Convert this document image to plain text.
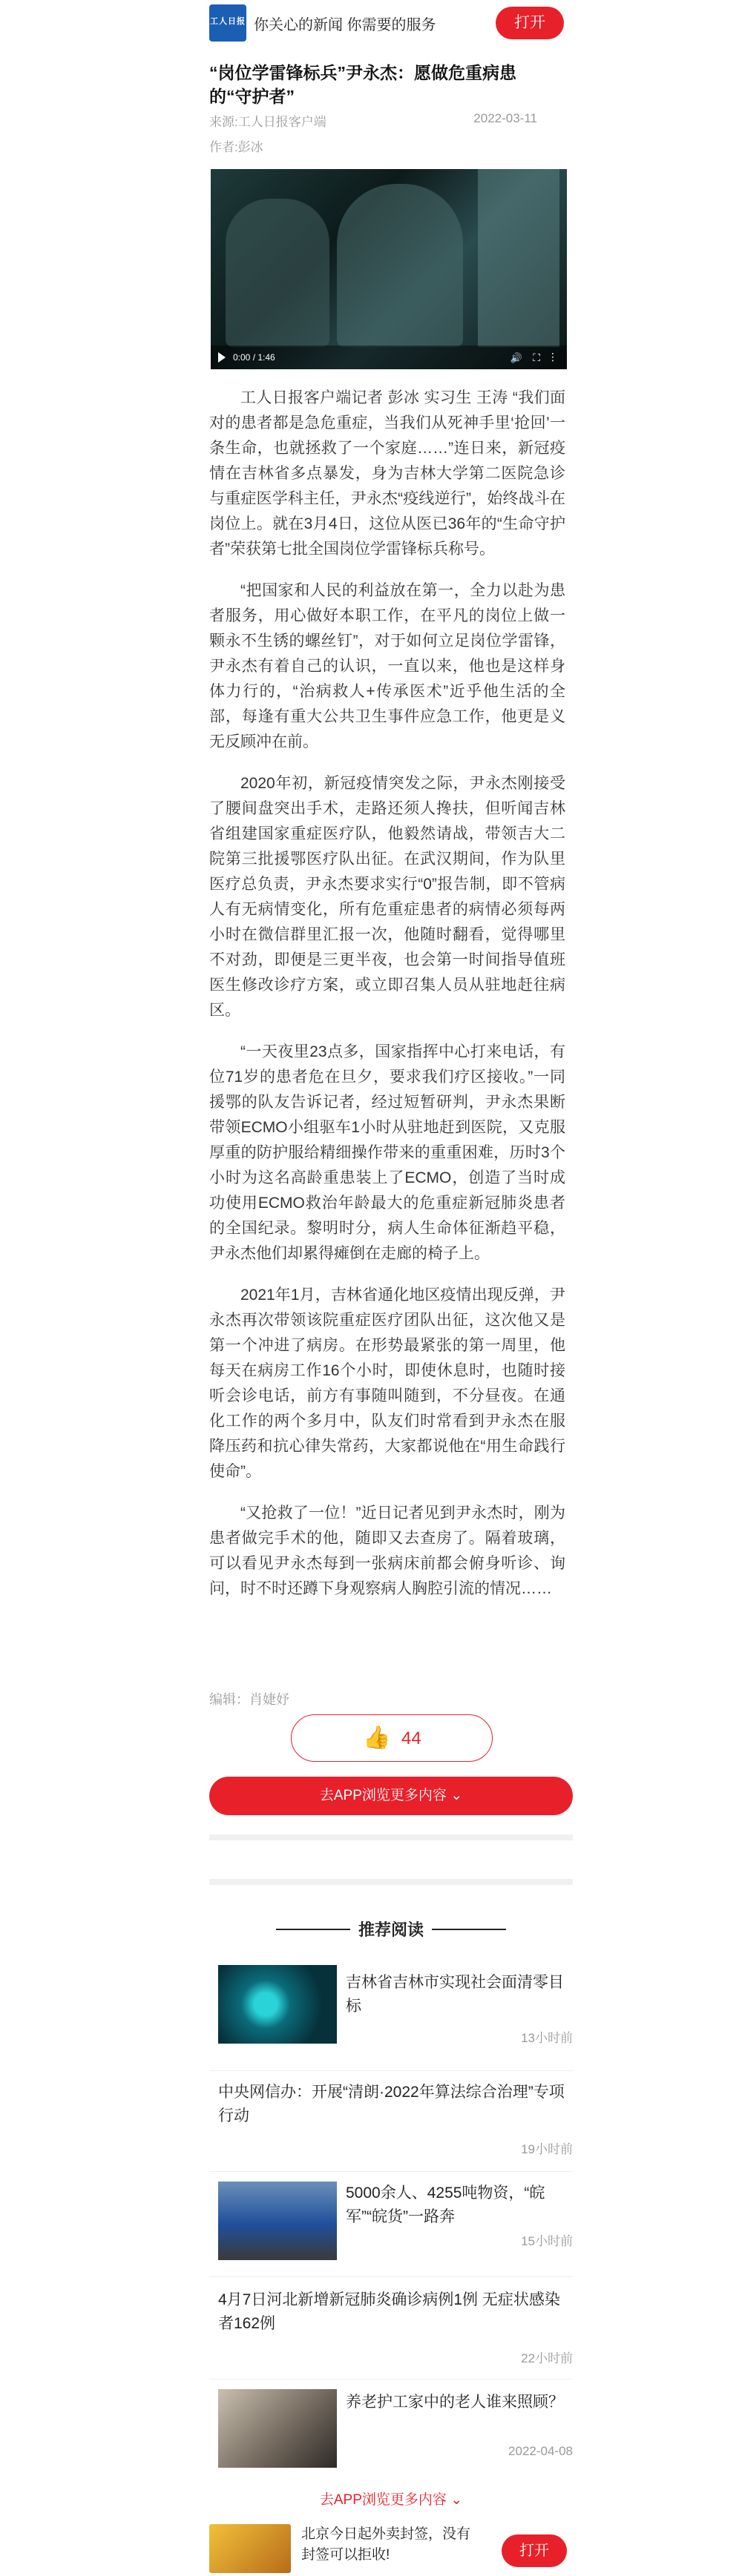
工人日报 你关心的新闻 你需要的服务	打开
“岗位学雷锋标兵”尹永杰：愿做危重病患的“守护者”
来源:工人日报客户端	2022-03-11
作者:彭冰
0:00 / 1:46	🔊 ⛶ ⋮

工人日报客户端记者 彭冰 实习生 王涛 “我们面对的患者都是急危重症，当我们从死神手里‘抢回’一条生命，也就拯救了一个家庭……”连日来，新冠疫情在吉林省多点暴发，身为吉林大学第二医院急诊与重症医学科主任，尹永杰“疫线逆行”，始终战斗在岗位上。就在3月4日，这位从医已36年的“生命守护者”荣获第七批全国岗位学雷锋标兵称号。

“把国家和人民的利益放在第一，全力以赴为患者服务，用心做好本职工作，在平凡的岗位上做一颗永不生锈的螺丝钉”，对于如何立足岗位学雷锋，尹永杰有着自己的认识，一直以来，他也是这样身体力行的，“治病救人+传承医术”近乎他生活的全部，每逢有重大公共卫生事件应急工作，他更是义无反顾冲在前。

2020年初，新冠疫情突发之际，尹永杰刚接受了腰间盘突出手术，走路还须人搀扶，但听闻吉林省组建国家重症医疗队，他毅然请战，带领吉大二院第三批援鄂医疗队出征。在武汉期间，作为队里医疗总负责，尹永杰要求实行“0”报告制，即不管病人有无病情变化，所有危重症患者的病情必须每两小时在微信群里汇报一次，他随时翻看，觉得哪里不对劲，即便是三更半夜，也会第一时间指导值班医生修改诊疗方案，或立即召集人员从驻地赶往病区。

“一天夜里23点多，国家指挥中心打来电话，有位71岁的患者危在旦夕，要求我们疗区接收。”一同援鄂的队友告诉记者，经过短暂研判，尹永杰果断带领ECMO小组驱车1小时从驻地赶到医院，又克服厚重的防护服给精细操作带来的重重困难，历时3个小时为这名高龄重患装上了ECMO，创造了当时成功使用ECMO救治年龄最大的危重症新冠肺炎患者的全国纪录。黎明时分，病人生命体征渐趋平稳，尹永杰他们却累得瘫倒在走廊的椅子上。

2021年1月，吉林省通化地区疫情出现反弹，尹永杰再次带领该院重症医疗团队出征，这次他又是第一个冲进了病房。在形势最紧张的第一周里，他每天在病房工作16个小时，即使休息时，也随时接听会诊电话，前方有事随叫随到，不分昼夜。在通化工作的两个多月中，队友们时常看到尹永杰在服降压药和抗心律失常药，大家都说他在“用生命践行使命”。

“又抢救了一位！”近日记者见到尹永杰时，刚为患者做完手术的他，随即又去查房了。隔着玻璃，可以看见尹永杰每到一张病床前都会俯身听诊、询问，时不时还蹲下身观察病人胸腔引流的情况……

编辑：肖婕妤
👍 44
去APP浏览更多内容 ⌄
推荐阅读
吉林省吉林市实现社会面清零目标
13小时前
中央网信办：开展“清朗·2022年算法综合治理”专项行动
19小时前
5000余人、4255吨物资，“皖军”“皖货”一路奔
15小时前
4月7日河北新增新冠肺炎确诊病例1例 无症状感染者162例
22小时前
养老护工家中的老人谁来照顾？
2022-04-08
去APP浏览更多内容 ⌄
北京今日起外卖封签，没有封签可以拒收!	打开
